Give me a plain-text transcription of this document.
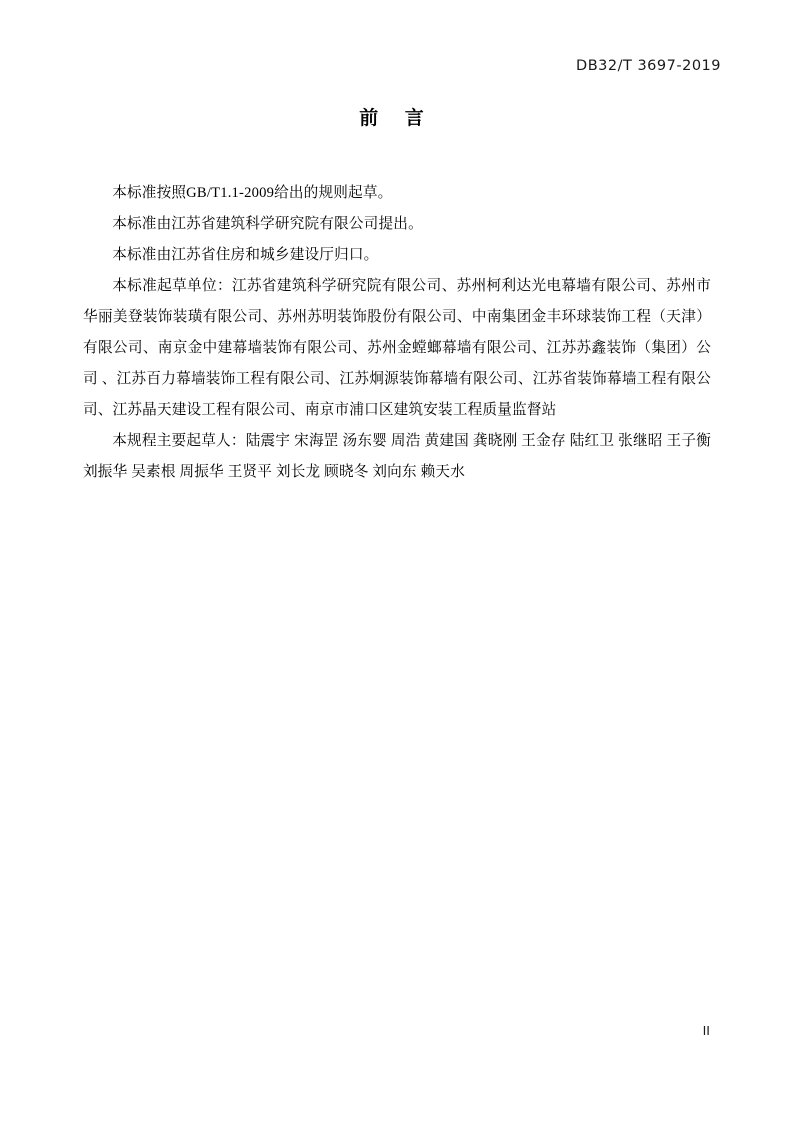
DB32/T 3697-2019
前 言

本标准按照GB/T1.1-2009给出的规则起草。

本标准由江苏省建筑科学研究院有限公司提出。

本标准由江苏省住房和城乡建设厅归口。

本标准起草单位：江苏省建筑科学研究院有限公司、苏州柯利达光电幕墙有限公司、苏州市华丽美登装饰装璜有限公司、苏州苏明装饰股份有限公司、中南集团金丰环球装饰工程（天津）有限公司、南京金中建幕墙装饰有限公司、苏州金螳螂幕墙有限公司、江苏苏鑫装饰（集团）公司 、江苏百力幕墙装饰工程有限公司、江苏炯源装饰幕墙有限公司、江苏省装饰幕墙工程有限公司、江苏晶天建设工程有限公司、南京市浦口区建筑安装工程质量监督站

本规程主要起草人：陆震宇 宋海罡 汤东婴 周浩 黄建国 龚晓刚 王金存 陆红卫 张继昭 王子衡 刘振华 吴素根 周振华 王贤平 刘长龙 顾晓冬 刘向东 赖天水

II
